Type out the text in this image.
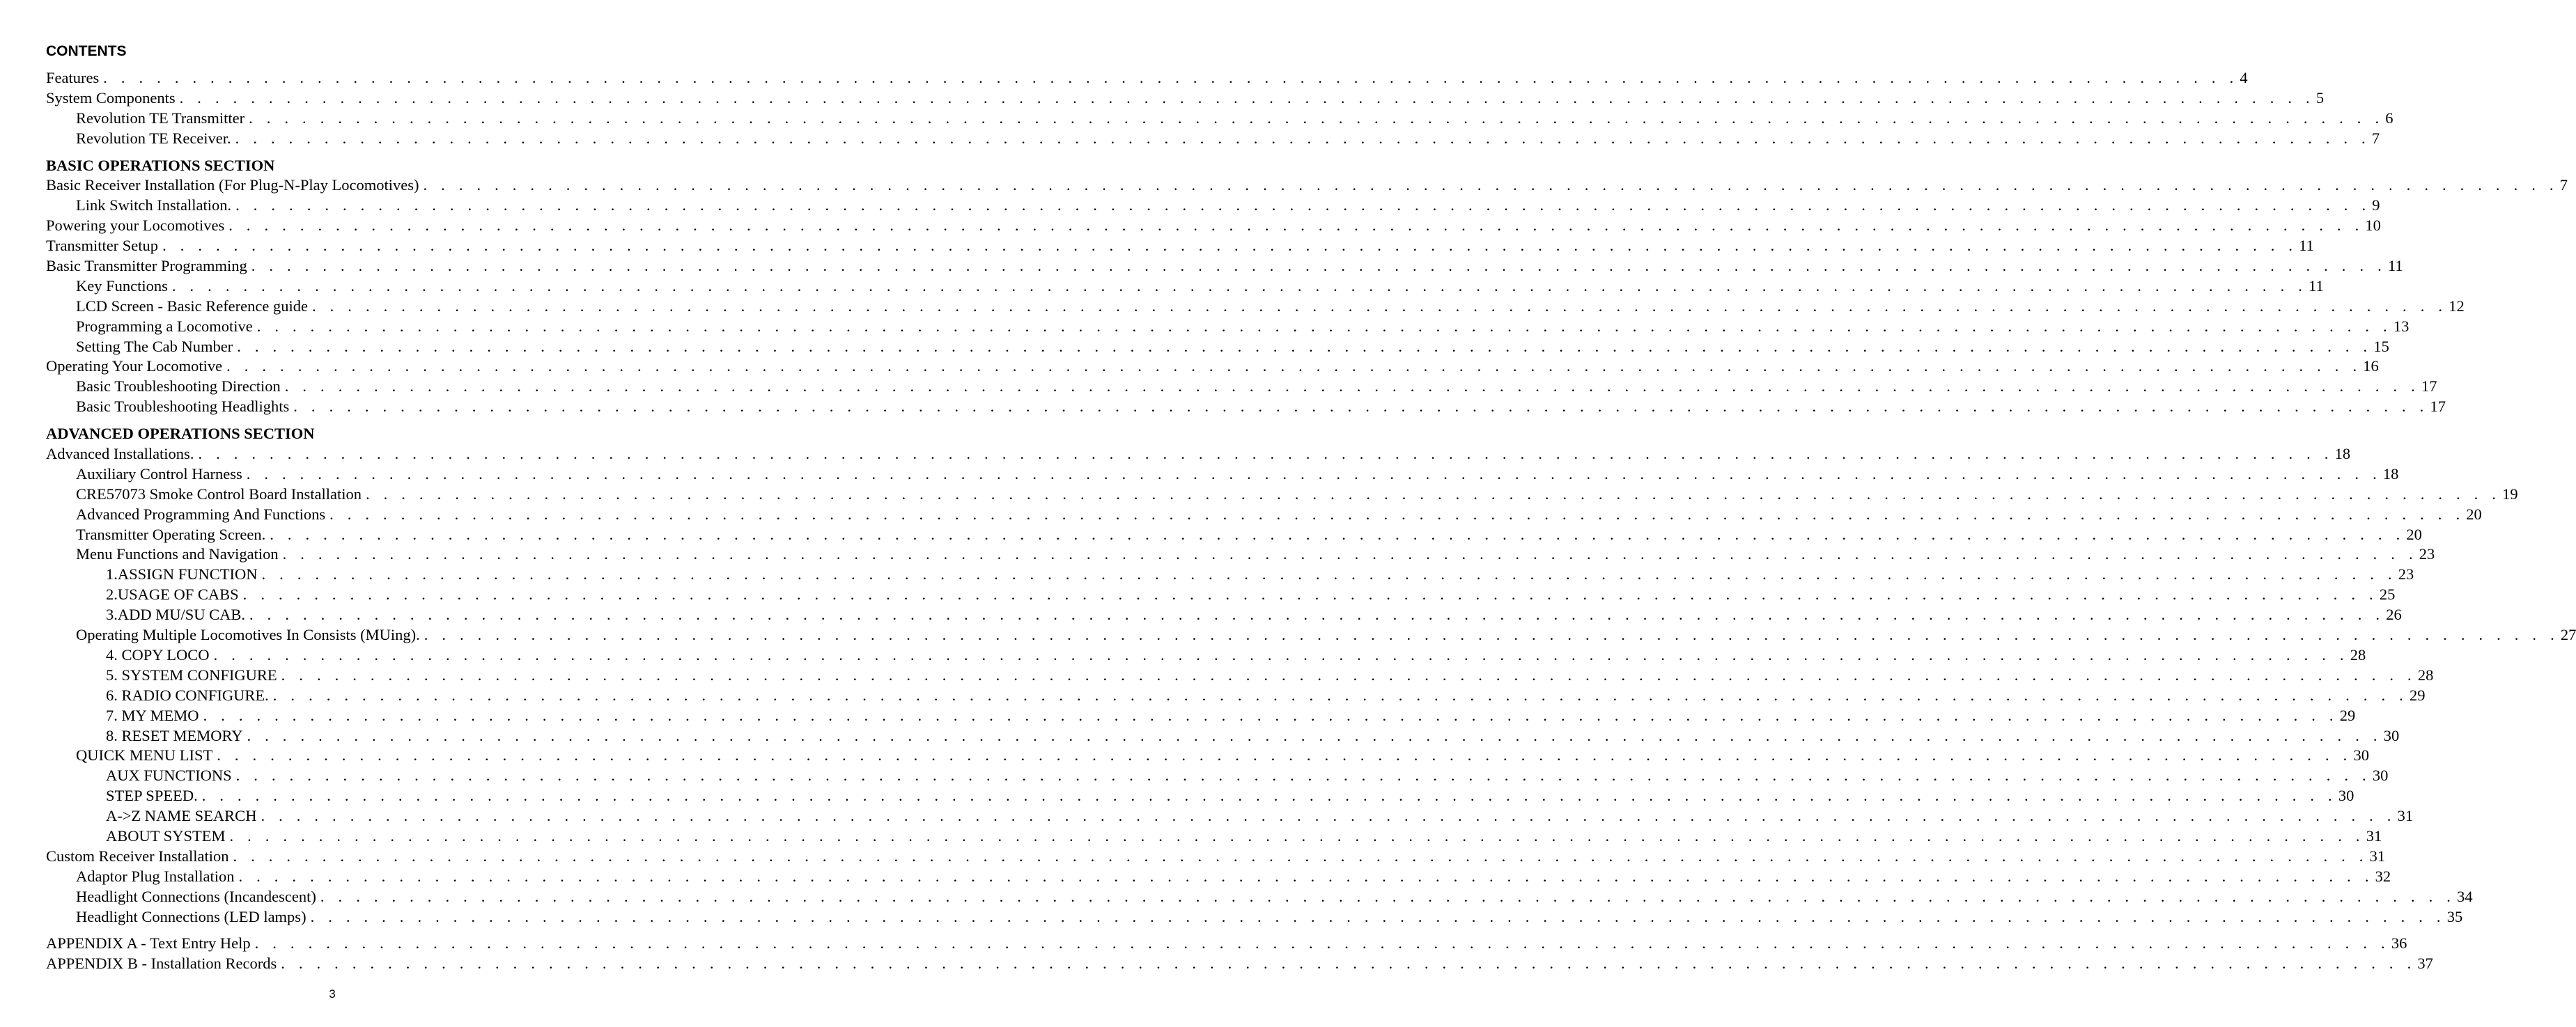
CONTENTS
Features . . . . . . . . . . . . . . . . . . . . . . . . . . . . . . . . . . . . . . . . . . . . . . . . . . . . . . . . . . . . . . . . . . . . . . . . . . . . . . . . . . . . . . . . . . . . . . . . . . . . . . . . . . . . . . . . . . . . . . . . 4
System Components . . . . . . . . . . . . . . . . . . . . . . . . . . . . . . . . . . . . . . . . . . . . . . . . . . . . . . . . . . . . . . . . . . . . . . . . . . . . . . . . . . . . . . . . . . . . . . . . . . . . . . . . . . . . . . . . . . . . . . . . 5
Revolution TE Transmitter . . . . . . . . . . . . . . . . . . . . . . . . . . . . . . . . . . . . . . . . . . . . . . . . . . . . . . . . . . . . . . . . . . . . . . . . . . . . . . . . . . . . . . . . . . . . . . . . . . . . . . . . . . . . . . . . . . . . . . . . 6
Revolution TE Receiver. . . . . . . . . . . . . . . . . . . . . . . . . . . . . . . . . . . . . . . . . . . . . . . . . . . . . . . . . . . . . . . . . . . . . . . . . . . . . . . . . . . . . . . . . . . . . . . . . . . . . . . . . . . . . . . . . . . . . . . . . 7
BASIC OPERATIONS SECTION
Basic Receiver Installation (For Plug-N-Play Locomotives) . . . . . . . . . . . . . . . . . . . . . . . . . . . . . . . . . . . . . . . . . . . . . . . . . . . . . . . . . . . . . . . . . . . . . . . . . . . . . . . . . . . . . . . . . . . . . . . . . . . . . . . . . . . . . . . . . . . . . . . . 7
Link Switch Installation. . . . . . . . . . . . . . . . . . . . . . . . . . . . . . . . . . . . . . . . . . . . . . . . . . . . . . . . . . . . . . . . . . . . . . . . . . . . . . . . . . . . . . . . . . . . . . . . . . . . . . . . . . . . . . . . . . . . . . . . . 9
Powering your Locomotives . . . . . . . . . . . . . . . . . . . . . . . . . . . . . . . . . . . . . . . . . . . . . . . . . . . . . . . . . . . . . . . . . . . . . . . . . . . . . . . . . . . . . . . . . . . . . . . . . . . . . . . . . . . . . . . . . . . . . . . . 10
Transmitter Setup . . . . . . . . . . . . . . . . . . . . . . . . . . . . . . . . . . . . . . . . . . . . . . . . . . . . . . . . . . . . . . . . . . . . . . . . . . . . . . . . . . . . . . . . . . . . . . . . . . . . . . . . . . . . . . . . . . . . . . . . 11
Basic Transmitter Programming . . . . . . . . . . . . . . . . . . . . . . . . . . . . . . . . . . . . . . . . . . . . . . . . . . . . . . . . . . . . . . . . . . . . . . . . . . . . . . . . . . . . . . . . . . . . . . . . . . . . . . . . . . . . . . . . . . . . . . . . 11
Key Functions . . . . . . . . . . . . . . . . . . . . . . . . . . . . . . . . . . . . . . . . . . . . . . . . . . . . . . . . . . . . . . . . . . . . . . . . . . . . . . . . . . . . . . . . . . . . . . . . . . . . . . . . . . . . . . . . . . . . . . . . 11
LCD Screen - Basic Reference guide . . . . . . . . . . . . . . . . . . . . . . . . . . . . . . . . . . . . . . . . . . . . . . . . . . . . . . . . . . . . . . . . . . . . . . . . . . . . . . . . . . . . . . . . . . . . . . . . . . . . . . . . . . . . . . . . . . . . . . . . 12
Programming a Locomotive . . . . . . . . . . . . . . . . . . . . . . . . . . . . . . . . . . . . . . . . . . . . . . . . . . . . . . . . . . . . . . . . . . . . . . . . . . . . . . . . . . . . . . . . . . . . . . . . . . . . . . . . . . . . . . . . . . . . . . . . 13
Setting The Cab Number . . . . . . . . . . . . . . . . . . . . . . . . . . . . . . . . . . . . . . . . . . . . . . . . . . . . . . . . . . . . . . . . . . . . . . . . . . . . . . . . . . . . . . . . . . . . . . . . . . . . . . . . . . . . . . . . . . . . . . . . 15
Operating Your Locomotive . . . . . . . . . . . . . . . . . . . . . . . . . . . . . . . . . . . . . . . . . . . . . . . . . . . . . . . . . . . . . . . . . . . . . . . . . . . . . . . . . . . . . . . . . . . . . . . . . . . . . . . . . . . . . . . . . . . . . . . . 16
Basic Troubleshooting Direction . . . . . . . . . . . . . . . . . . . . . . . . . . . . . . . . . . . . . . . . . . . . . . . . . . . . . . . . . . . . . . . . . . . . . . . . . . . . . . . . . . . . . . . . . . . . . . . . . . . . . . . . . . . . . . . . . . . . . . . . 17
Basic Troubleshooting Headlights . . . . . . . . . . . . . . . . . . . . . . . . . . . . . . . . . . . . . . . . . . . . . . . . . . . . . . . . . . . . . . . . . . . . . . . . . . . . . . . . . . . . . . . . . . . . . . . . . . . . . . . . . . . . . . . . . . . . . . . . 17
ADVANCED OPERATIONS SECTION
Advanced Installations. . . . . . . . . . . . . . . . . . . . . . . . . . . . . . . . . . . . . . . . . . . . . . . . . . . . . . . . . . . . . . . . . . . . . . . . . . . . . . . . . . . . . . . . . . . . . . . . . . . . . . . . . . . . . . . . . . . . . . . . . 18
Auxiliary Control Harness . . . . . . . . . . . . . . . . . . . . . . . . . . . . . . . . . . . . . . . . . . . . . . . . . . . . . . . . . . . . . . . . . . . . . . . . . . . . . . . . . . . . . . . . . . . . . . . . . . . . . . . . . . . . . . . . . . . . . . . . 18
CRE57073 Smoke Control Board Installation . . . . . . . . . . . . . . . . . . . . . . . . . . . . . . . . . . . . . . . . . . . . . . . . . . . . . . . . . . . . . . . . . . . . . . . . . . . . . . . . . . . . . . . . . . . . . . . . . . . . . . . . . . . . . . . . . . . . . . . . 19
Advanced Programming And Functions . . . . . . . . . . . . . . . . . . . . . . . . . . . . . . . . . . . . . . . . . . . . . . . . . . . . . . . . . . . . . . . . . . . . . . . . . . . . . . . . . . . . . . . . . . . . . . . . . . . . . . . . . . . . . . . . . . . . . . . . 20
Transmitter Operating Screen. . . . . . . . . . . . . . . . . . . . . . . . . . . . . . . . . . . . . . . . . . . . . . . . . . . . . . . . . . . . . . . . . . . . . . . . . . . . . . . . . . . . . . . . . . . . . . . . . . . . . . . . . . . . . . . . . . . . . . . . . 20
Menu Functions and Navigation . . . . . . . . . . . . . . . . . . . . . . . . . . . . . . . . . . . . . . . . . . . . . . . . . . . . . . . . . . . . . . . . . . . . . . . . . . . . . . . . . . . . . . . . . . . . . . . . . . . . . . . . . . . . . . . . . . . . . . . . 23
1.ASSIGN FUNCTION . . . . . . . . . . . . . . . . . . . . . . . . . . . . . . . . . . . . . . . . . . . . . . . . . . . . . . . . . . . . . . . . . . . . . . . . . . . . . . . . . . . . . . . . . . . . . . . . . . . . . . . . . . . . . . . . . . . . . . . . 23
2.USAGE OF CABS . . . . . . . . . . . . . . . . . . . . . . . . . . . . . . . . . . . . . . . . . . . . . . . . . . . . . . . . . . . . . . . . . . . . . . . . . . . . . . . . . . . . . . . . . . . . . . . . . . . . . . . . . . . . . . . . . . . . . . . . 25
3.ADD MU/SU CAB. . . . . . . . . . . . . . . . . . . . . . . . . . . . . . . . . . . . . . . . . . . . . . . . . . . . . . . . . . . . . . . . . . . . . . . . . . . . . . . . . . . . . . . . . . . . . . . . . . . . . . . . . . . . . . . . . . . . . . . . . 26
Operating Multiple Locomotives In Consists (MUing). . . . . . . . . . . . . . . . . . . . . . . . . . . . . . . . . . . . . . . . . . . . . . . . . . . . . . . . . . . . . . . . . . . . . . . . . . . . . . . . . . . . . . . . . . . . . . . . . . . . . . . . . . . . . . . . . . . . . . . . . 27
4. COPY LOCO . . . . . . . . . . . . . . . . . . . . . . . . . . . . . . . . . . . . . . . . . . . . . . . . . . . . . . . . . . . . . . . . . . . . . . . . . . . . . . . . . . . . . . . . . . . . . . . . . . . . . . . . . . . . . . . . . . . . . . . . 28
5. SYSTEM CONFIGURE . . . . . . . . . . . . . . . . . . . . . . . . . . . . . . . . . . . . . . . . . . . . . . . . . . . . . . . . . . . . . . . . . . . . . . . . . . . . . . . . . . . . . . . . . . . . . . . . . . . . . . . . . . . . . . . . . . . . . . . . 28
6. RADIO CONFIGURE. . . . . . . . . . . . . . . . . . . . . . . . . . . . . . . . . . . . . . . . . . . . . . . . . . . . . . . . . . . . . . . . . . . . . . . . . . . . . . . . . . . . . . . . . . . . . . . . . . . . . . . . . . . . . . . . . . . . . . . . . 29
7. MY MEMO . . . . . . . . . . . . . . . . . . . . . . . . . . . . . . . . . . . . . . . . . . . . . . . . . . . . . . . . . . . . . . . . . . . . . . . . . . . . . . . . . . . . . . . . . . . . . . . . . . . . . . . . . . . . . . . . . . . . . . . . 29
8. RESET MEMORY . . . . . . . . . . . . . . . . . . . . . . . . . . . . . . . . . . . . . . . . . . . . . . . . . . . . . . . . . . . . . . . . . . . . . . . . . . . . . . . . . . . . . . . . . . . . . . . . . . . . . . . . . . . . . . . . . . . . . . . . 30
QUICK MENU LIST . . . . . . . . . . . . . . . . . . . . . . . . . . . . . . . . . . . . . . . . . . . . . . . . . . . . . . . . . . . . . . . . . . . . . . . . . . . . . . . . . . . . . . . . . . . . . . . . . . . . . . . . . . . . . . . . . . . . . . . . 30
AUX FUNCTIONS . . . . . . . . . . . . . . . . . . . . . . . . . . . . . . . . . . . . . . . . . . . . . . . . . . . . . . . . . . . . . . . . . . . . . . . . . . . . . . . . . . . . . . . . . . . . . . . . . . . . . . . . . . . . . . . . . . . . . . . . 30
STEP SPEED. . . . . . . . . . . . . . . . . . . . . . . . . . . . . . . . . . . . . . . . . . . . . . . . . . . . . . . . . . . . . . . . . . . . . . . . . . . . . . . . . . . . . . . . . . . . . . . . . . . . . . . . . . . . . . . . . . . . . . . . . 30
A->Z NAME SEARCH . . . . . . . . . . . . . . . . . . . . . . . . . . . . . . . . . . . . . . . . . . . . . . . . . . . . . . . . . . . . . . . . . . . . . . . . . . . . . . . . . . . . . . . . . . . . . . . . . . . . . . . . . . . . . . . . . . . . . . . . 31
ABOUT SYSTEM . . . . . . . . . . . . . . . . . . . . . . . . . . . . . . . . . . . . . . . . . . . . . . . . . . . . . . . . . . . . . . . . . . . . . . . . . . . . . . . . . . . . . . . . . . . . . . . . . . . . . . . . . . . . . . . . . . . . . . . . 31
Custom Receiver Installation . . . . . . . . . . . . . . . . . . . . . . . . . . . . . . . . . . . . . . . . . . . . . . . . . . . . . . . . . . . . . . . . . . . . . . . . . . . . . . . . . . . . . . . . . . . . . . . . . . . . . . . . . . . . . . . . . . . . . . . . 31
Adaptor Plug Installation . . . . . . . . . . . . . . . . . . . . . . . . . . . . . . . . . . . . . . . . . . . . . . . . . . . . . . . . . . . . . . . . . . . . . . . . . . . . . . . . . . . . . . . . . . . . . . . . . . . . . . . . . . . . . . . . . . . . . . . . 32
Headlight Connections (Incandescent) . . . . . . . . . . . . . . . . . . . . . . . . . . . . . . . . . . . . . . . . . . . . . . . . . . . . . . . . . . . . . . . . . . . . . . . . . . . . . . . . . . . . . . . . . . . . . . . . . . . . . . . . . . . . . . . . . . . . . . . . 34
Headlight Connections (LED lamps) . . . . . . . . . . . . . . . . . . . . . . . . . . . . . . . . . . . . . . . . . . . . . . . . . . . . . . . . . . . . . . . . . . . . . . . . . . . . . . . . . . . . . . . . . . . . . . . . . . . . . . . . . . . . . . . . . . . . . . . . 35
APPENDIX A - Text Entry Help . . . . . . . . . . . . . . . . . . . . . . . . . . . . . . . . . . . . . . . . . . . . . . . . . . . . . . . . . . . . . . . . . . . . . . . . . . . . . . . . . . . . . . . . . . . . . . . . . . . . . . . . . . . . . . . . . . . . . . . . 36
APPENDIX B - Installation Records . . . . . . . . . . . . . . . . . . . . . . . . . . . . . . . . . . . . . . . . . . . . . . . . . . . . . . . . . . . . . . . . . . . . . . . . . . . . . . . . . . . . . . . . . . . . . . . . . . . . . . . . . . . . . . . . . . . . . . . . 37
3
